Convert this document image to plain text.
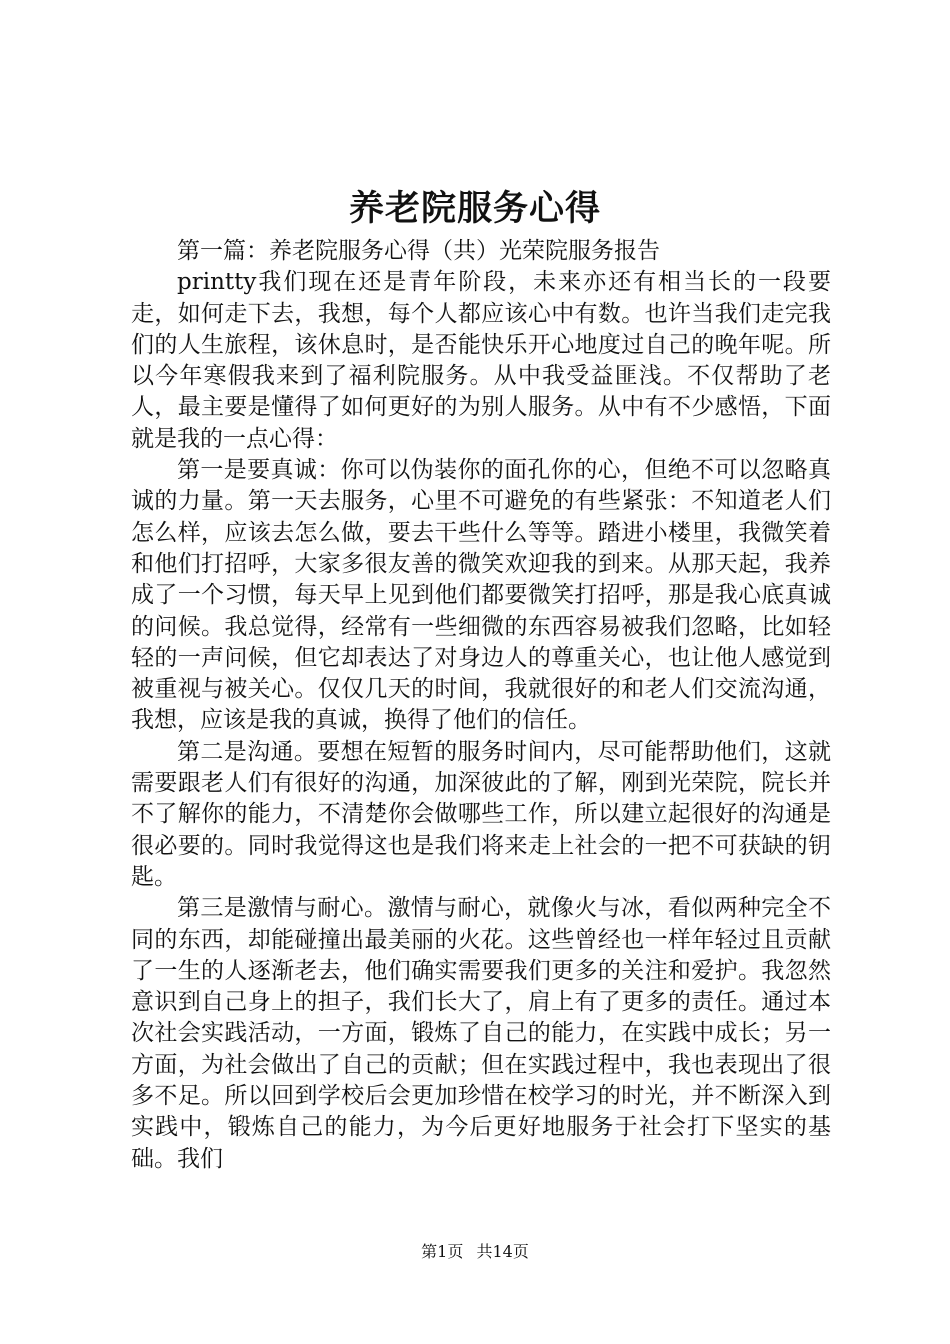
养老院服务心得

第一篇：养老院服务心得（共）光荣院服务报告

printty我们现在还是青年阶段，未来亦还有相当长的一段要走，如何走下去，我想，每个人都应该心中有数。也许当我们走完我们的人生旅程，该休息时，是否能快乐开心地度过自己的晚年呢。所以今年寒假我来到了福利院服务。从中我受益匪浅。不仅帮助了老人，最主要是懂得了如何更好的为别人服务。从中有不少感悟，下面就是我的一点心得：

第一是要真诚：你可以伪装你的面孔你的心，但绝不可以忽略真诚的力量。第一天去服务，心里不可避免的有些紧张：不知道老人们怎么样，应该去怎么做，要去干些什么等等。踏进小楼里，我微笑着和他们打招呼，大家多很友善的微笑欢迎我的到来。从那天起，我养成了一个习惯，每天早上见到他们都要微笑打招呼，那是我心底真诚的问候。我总觉得，经常有一些细微的东西容易被我们忽略，比如轻轻的一声问候，但它却表达了对身边人的尊重关心，也让他人感觉到被重视与被关心。仅仅几天的时间，我就很好的和老人们交流沟通，我想，应该是我的真诚，换得了他们的信任。

第二是沟通。要想在短暂的服务时间内，尽可能帮助他们，这就需要跟老人们有很好的沟通，加深彼此的了解，刚到光荣院，院长并不了解你的能力，不清楚你会做哪些工作，所以建立起很好的沟通是很必要的。同时我觉得这也是我们将来走上社会的一把不可获缺的钥匙。

第三是激情与耐心。激情与耐心，就像火与冰，看似两种完全不同的东西，却能碰撞出最美丽的火花。这些曾经也一样年轻过且贡献了一生的人逐渐老去，他们确实需要我们更多的关注和爱护。我忽然意识到自己身上的担子，我们长大了，肩上有了更多的责任。通过本次社会实践活动，一方面，锻炼了自己的能力，在实践中成长；另一方面，为社会做出了自己的贡献；但在实践过程中，我也表现出了很多不足。所以回到学校后会更加珍惜在校学习的时光，并不断深入到实践中，锻炼自己的能力，为今后更好地服务于社会打下坚实的基础。我们

第1页 共14页
